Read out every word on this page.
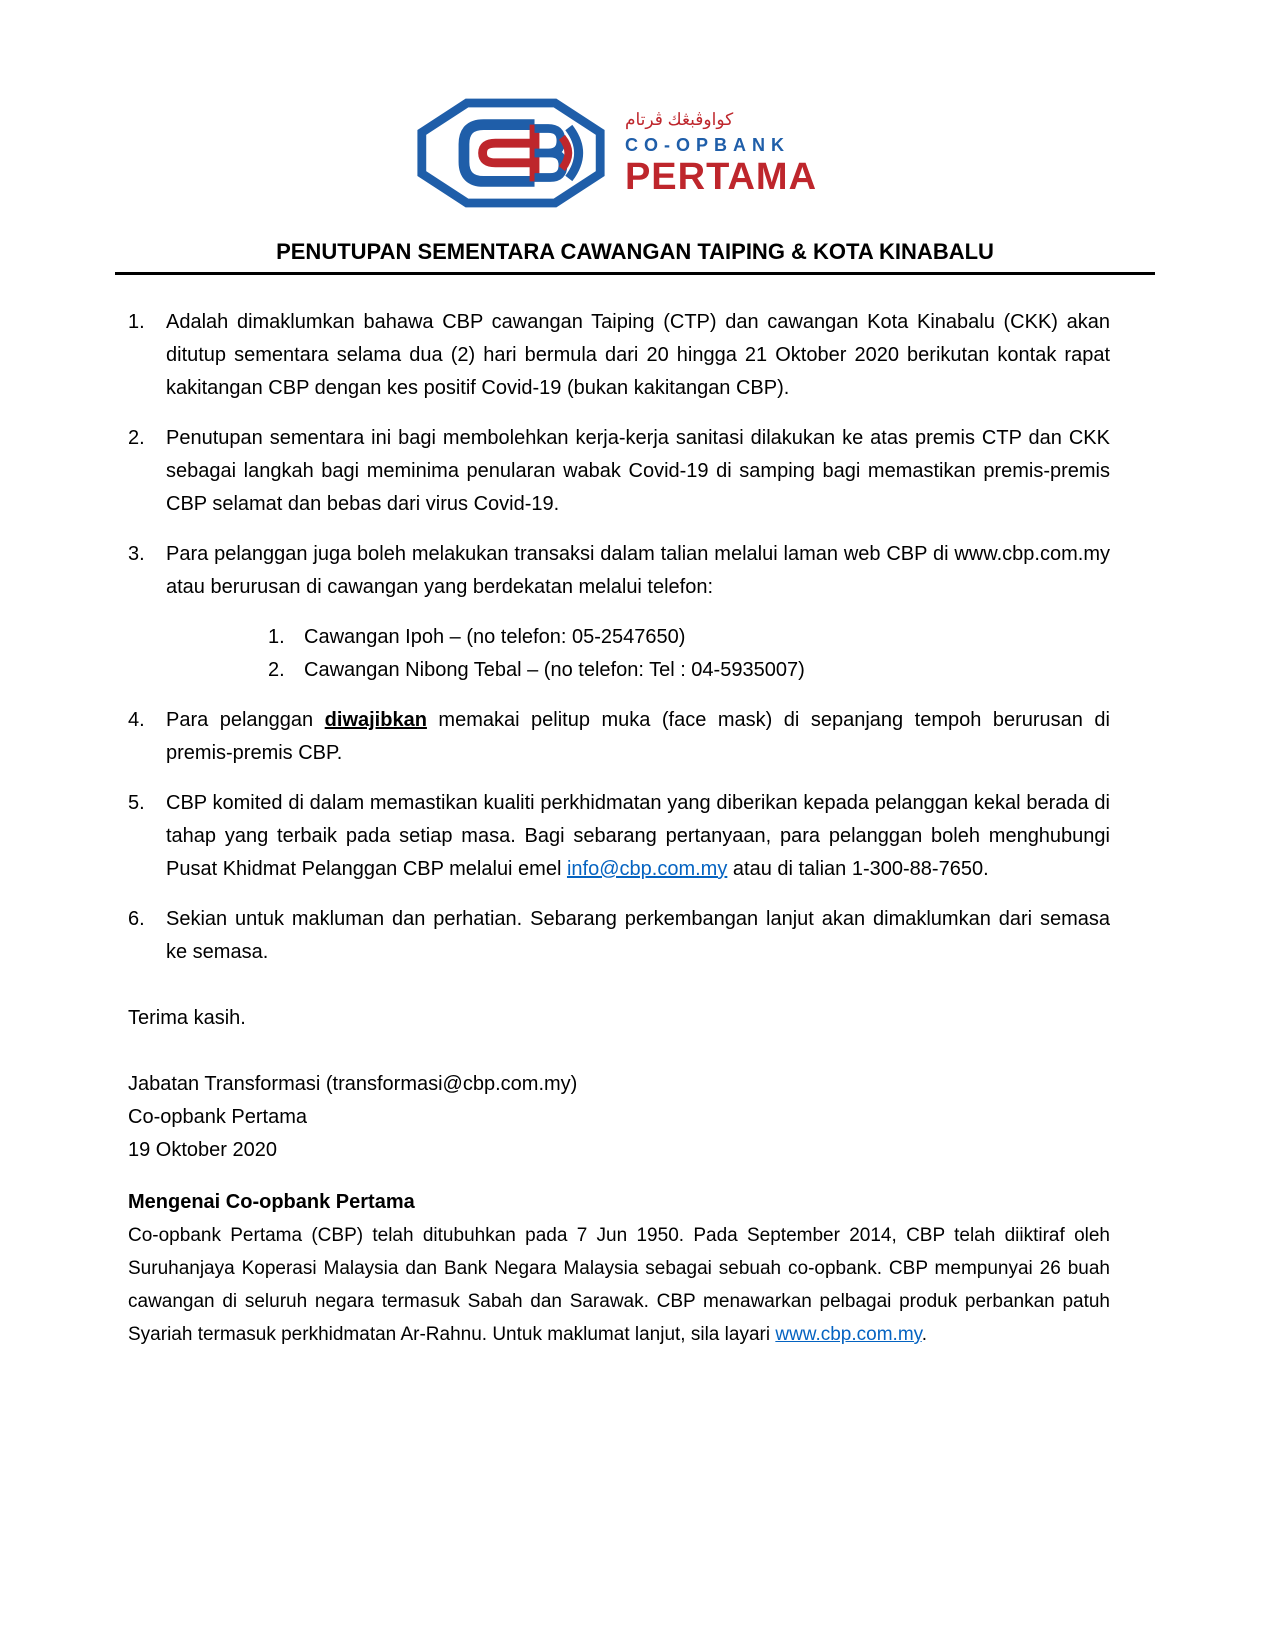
كواوڤبڠك ڤرتام
CO-OPBANK
PERTAMA
PENUTUPAN SEMENTARA CAWANGAN TAIPING & KOTA KINABALU
1.	Adalah dimaklumkan bahawa CBP cawangan Taiping (CTP) dan cawangan Kota Kinabalu (CKK) akan ditutup sementara selama dua (2) hari bermula dari 20 hingga 21 Oktober 2020 berikutan kontak rapat kakitangan CBP dengan kes positif Covid-19 (bukan kakitangan CBP).
2.	Penutupan sementara ini bagi membolehkan kerja-kerja sanitasi dilakukan ke atas premis CTP dan CKK sebagai langkah bagi meminima penularan wabak Covid-19 di samping bagi memastikan premis-premis CBP selamat dan bebas dari virus Covid-19.
3.	Para pelanggan juga boleh melakukan transaksi dalam talian melalui laman web CBP di www.cbp.com.my atau berurusan di cawangan yang berdekatan melalui telefon:
1. Cawangan Ipoh – (no telefon: 05-2547650)
2. Cawangan Nibong Tebal – (no telefon: Tel : 04-5935007)
4.	Para pelanggan diwajibkan memakai pelitup muka (face mask) di sepanjang tempoh berurusan di premis-premis CBP.
5.	CBP komited di dalam memastikan kualiti perkhidmatan yang diberikan kepada pelanggan kekal berada di tahap yang terbaik pada setiap masa. Bagi sebarang pertanyaan, para pelanggan boleh menghubungi Pusat Khidmat Pelanggan CBP melalui emel info@cbp.com.my atau di talian 1-300-88-7650.
6.	Sekian untuk makluman dan perhatian. Sebarang perkembangan lanjut akan dimaklumkan dari semasa ke semasa.
Terima kasih.
Jabatan Transformasi (transformasi@cbp.com.my)
Co-opbank Pertama
19 Oktober 2020
Mengenai Co-opbank Pertama
Co-opbank Pertama (CBP) telah ditubuhkan pada 7 Jun 1950. Pada September 2014, CBP telah diiktiraf oleh Suruhanjaya Koperasi Malaysia dan Bank Negara Malaysia sebagai sebuah co-opbank. CBP mempunyai 26 buah cawangan di seluruh negara termasuk Sabah dan Sarawak. CBP menawarkan pelbagai produk perbankan patuh Syariah termasuk perkhidmatan Ar-Rahnu. Untuk maklumat lanjut, sila layari www.cbp.com.my.
